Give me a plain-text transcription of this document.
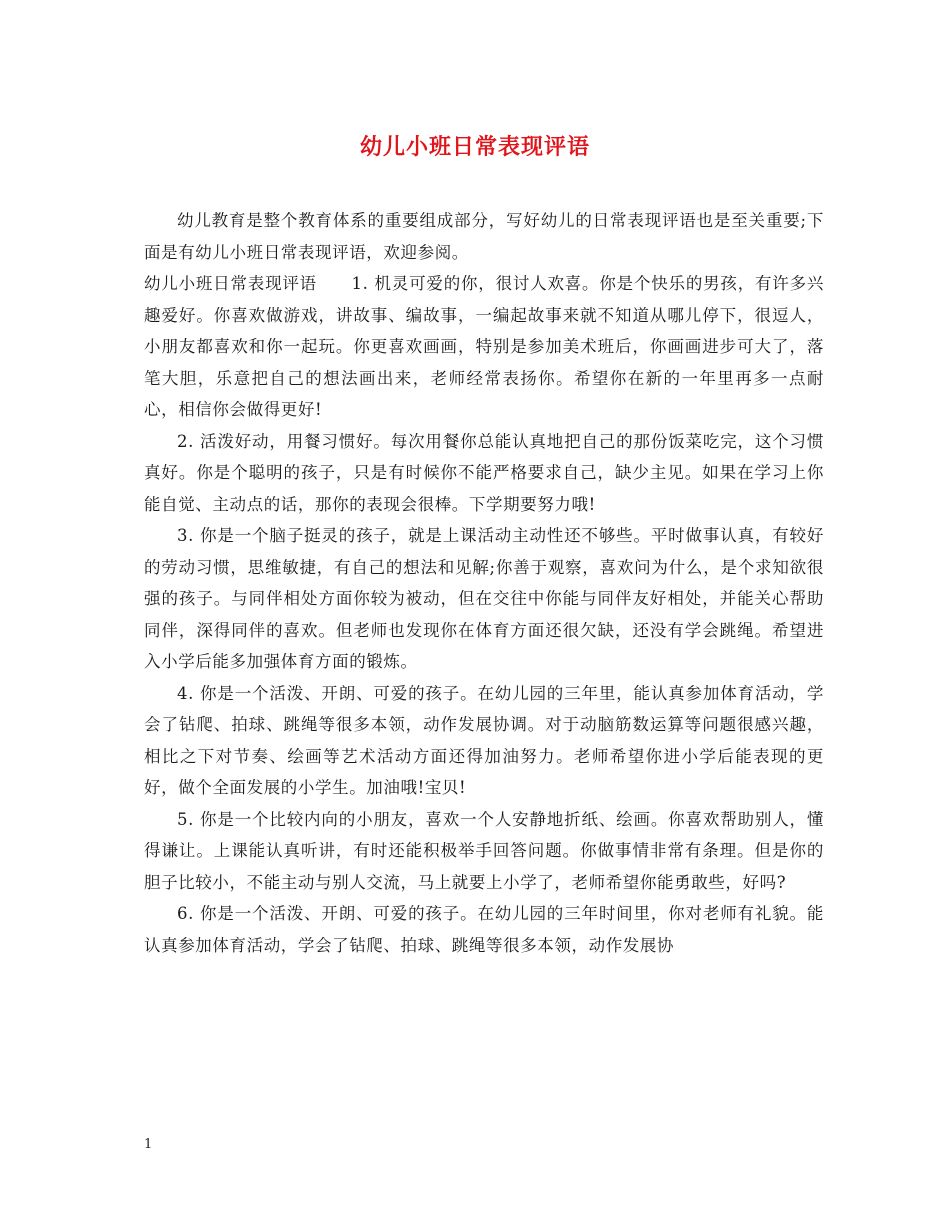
幼儿小班日常表现评语

幼儿教育是整个教育体系的重要组成部分，写好幼儿的日常表现评语也是至关重要;下面是有幼儿小班日常表现评语，欢迎参阅。

幼儿小班日常表现评语　　1. 机灵可爱的你，很讨人欢喜。你是个快乐的男孩，有许多兴趣爱好。你喜欢做游戏，讲故事、编故事，一编起故事来就不知道从哪儿停下，很逗人，小朋友都喜欢和你一起玩。你更喜欢画画，特别是参加美术班后，你画画进步可大了，落笔大胆，乐意把自己的想法画出来，老师经常表扬你。希望你在新的一年里再多一点耐心，相信你会做得更好!

2. 活泼好动，用餐习惯好。每次用餐你总能认真地把自己的那份饭菜吃完，这个习惯真好。你是个聪明的孩子，只是有时候你不能严格要求自己，缺少主见。如果在学习上你能自觉、主动点的话，那你的表现会很棒。下学期要努力哦!

3. 你是一个脑子挺灵的孩子，就是上课活动主动性还不够些。平时做事认真，有较好的劳动习惯，思维敏捷，有自己的想法和见解;你善于观察，喜欢问为什么，是个求知欲很强的孩子。与同伴相处方面你较为被动，但在交往中你能与同伴友好相处，并能关心帮助同伴，深得同伴的喜欢。但老师也发现你在体育方面还很欠缺，还没有学会跳绳。希望进入小学后能多加强体育方面的锻炼。

4. 你是一个活泼、开朗、可爱的孩子。在幼儿园的三年里，能认真参加体育活动，学会了钻爬、拍球、跳绳等很多本领，动作发展协调。对于动脑筋数运算等问题很感兴趣，相比之下对节奏、绘画等艺术活动方面还得加油努力。老师希望你进小学后能表现的更好，做个全面发展的小学生。加油哦!宝贝!

5. 你是一个比较内向的小朋友，喜欢一个人安静地折纸、绘画。你喜欢帮助别人，懂得谦让。上课能认真听讲，有时还能积极举手回答问题。你做事情非常有条理。但是你的胆子比较小，不能主动与别人交流，马上就要上小学了，老师希望你能勇敢些，好吗?

6. 你是一个活泼、开朗、可爱的孩子。在幼儿园的三年时间里，你对老师有礼貌。能认真参加体育活动，学会了钻爬、拍球、跳绳等很多本领，动作发展协

1
